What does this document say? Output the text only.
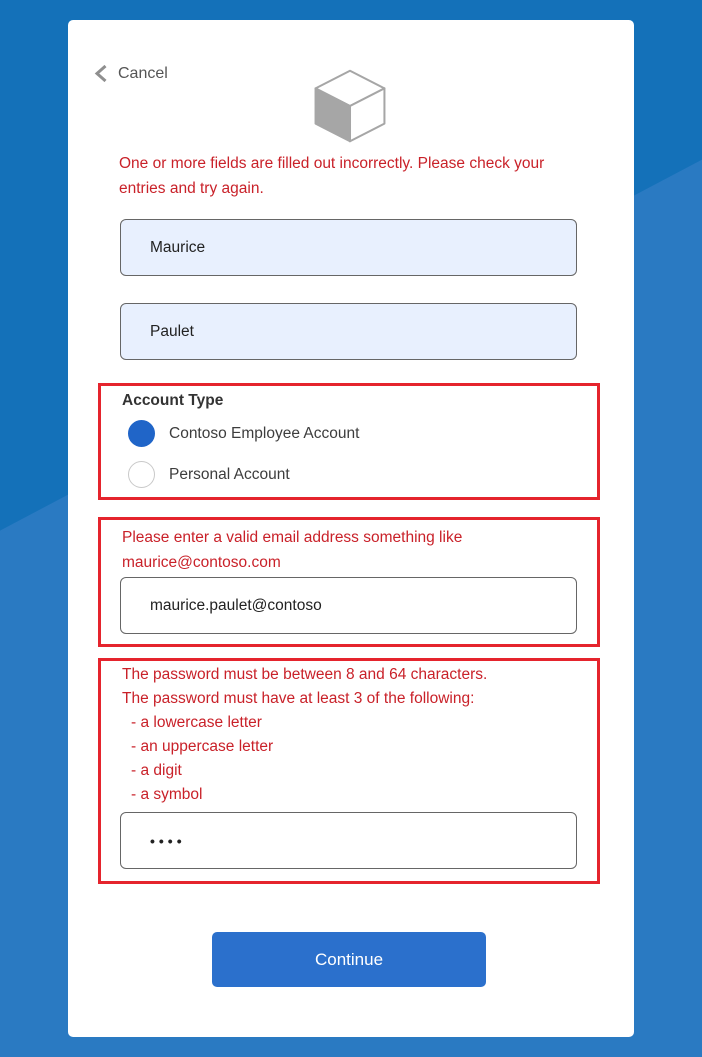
Cancel
One or more fields are filled out incorrectly. Please check your entries and try again.
Maurice
Paulet
Account Type
Contoso Employee Account
Personal Account
Please enter a valid email address something like maurice@contoso.com
maurice.paulet@contoso
The password must be between 8 and 64 characters.
The password must have at least 3 of the following:
- a lowercase letter
- an uppercase letter
- a digit
- a symbol
••••
Continue
